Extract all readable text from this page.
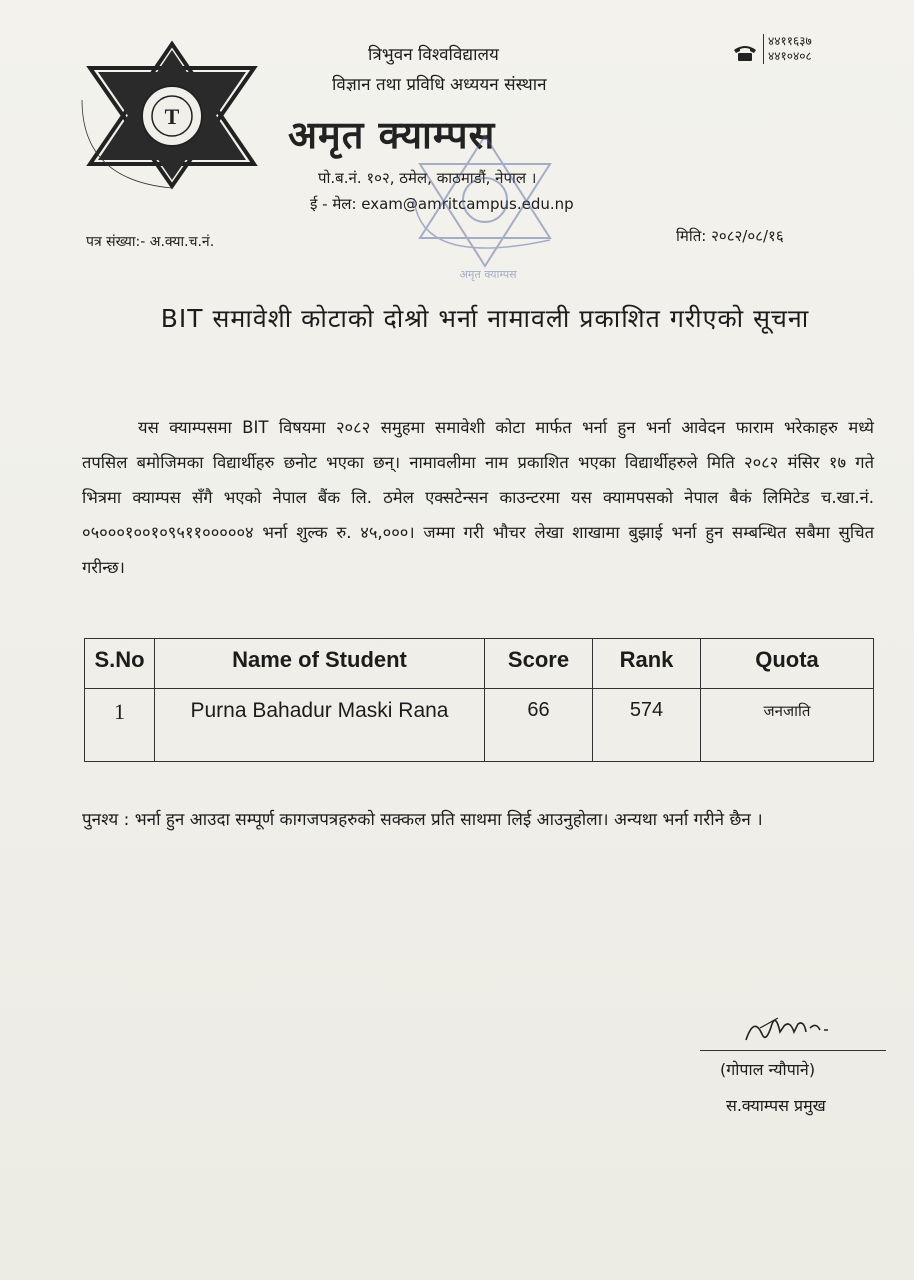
T
त्रिभुवन विश्वविद्यालय
विज्ञान तथा प्रविधि अध्ययन संस्थान
अमृत क्याम्पस
पो.ब.नं. १०२, ठमेल, काठमाडौं, नेपाल ।
ई - मेल: exam@amritcampus.edu.np
४४११६३७
४४१०४०८
अमृत क्याम्पस
पत्र संख्या:- अ.क्या.च.नं.	मिति: २०८२/०८/१६
BIT समावेशी कोटाको दोश्रो भर्ना नामावली प्रकाशित गरीएको सूचना
यस क्याम्पसमा BIT विषयमा २०८२ समुहमा समावेशी कोटा मार्फत भर्ना हुन भर्ना आवेदन फाराम भरेकाहरु मध्ये तपसिल बमोजिमका विद्यार्थीहरु छनोट भएका छन्। नामावलीमा नाम प्रकाशित भएका विद्यार्थीहरुले मिति २०८२ मंसिर १७ गते भित्रमा क्याम्पस सँगै भएको नेपाल बैंक लि. ठमेल एक्सटेन्सन काउन्टरमा यस क्यामपसको नेपाल बैकं लिमिटेड च.खा.नं. ०५०००१००१०९५११०००००४ भर्ना शुल्क रु. ४५,०००। जम्मा गरी भौचर लेखा शाखामा बुझाई भर्ना हुन सम्बन्धित सबैमा सुचित गरीन्छ।
S.No	Name of Student	Score	Rank	Quota
1	Purna Bahadur Maski Rana	66	574	जनजाति
पुनश्य : भर्ना हुन आउदा सम्पूर्ण कागजपत्रहरुको सक्कल प्रति साथमा लिई आउनुहोला। अन्यथा भर्ना गरीने छैन ।
(गोपाल न्यौपाने)
स.क्याम्पस प्रमुख
